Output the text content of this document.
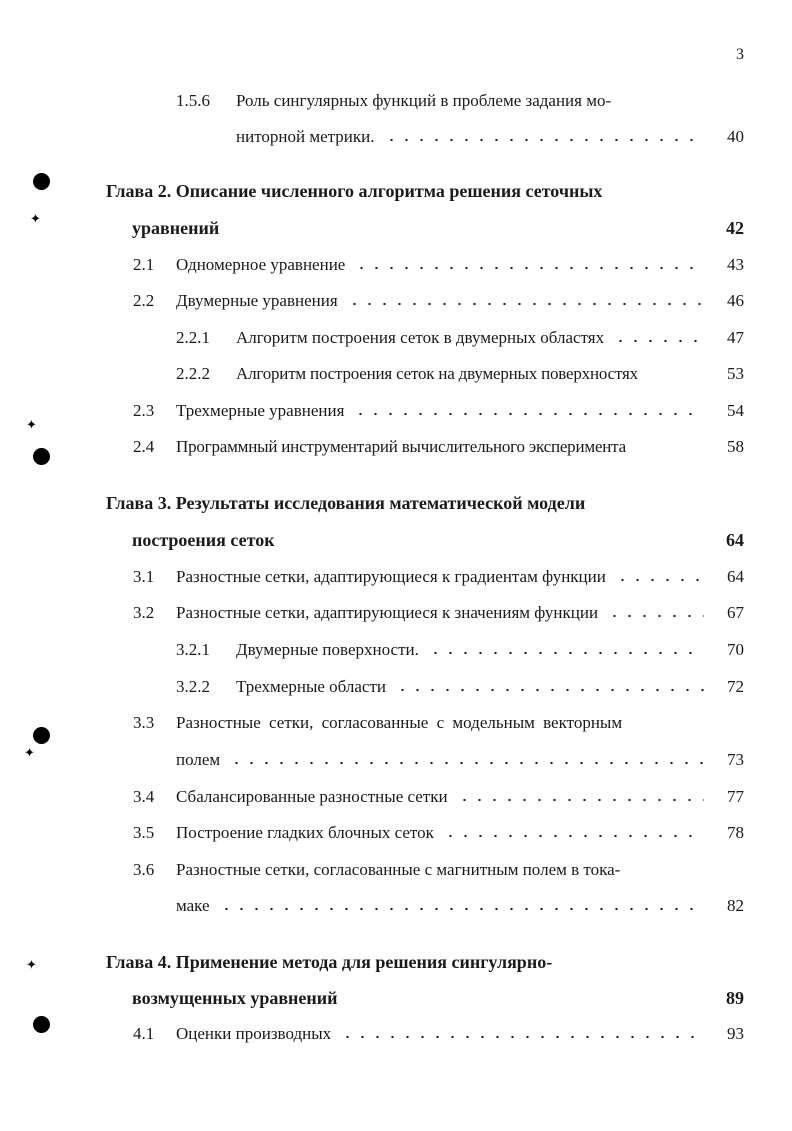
3
✦
✦
✦
✦
1.5.6 Роль сингулярных функций в проблеме задания мо-
ниторной метрики.	40
Глава 2. Описание численного алгоритма решения сеточных
уравнений	42
2.1 Одномерное уравнение	43
2.2 Двумерные уравнения	46
2.2.1 Алгоритм построения сеток в двумерных областях	47
2.2.2 Алгоритм построения сеток на двумерных поверхностях	53
2.3 Трехмерные уравнения	54
2.4 Программный инструментарий вычислительного эксперимента	58
Глава 3. Результаты исследования математической модели
построения сеток	64
3.1 Разностные сетки, адаптирующиеся к градиентам функции	64
3.2 Разностные сетки, адаптирующиеся к значениям функции	67
3.2.1 Двумерные поверхности.	70
3.2.2 Трехмерные области	72
3.3 Разностные сетки, согласованные с модельным векторным
полем	73
3.4 Сбалансированные разностные сетки	77
3.5 Построение гладких блочных сеток	78
3.6 Разностные сетки, согласованные с магнитным полем в тока-
маке	82
Глава 4. Применение метода для решения сингулярно-
возмущенных уравнений	89
4.1 Оценки производных	93
